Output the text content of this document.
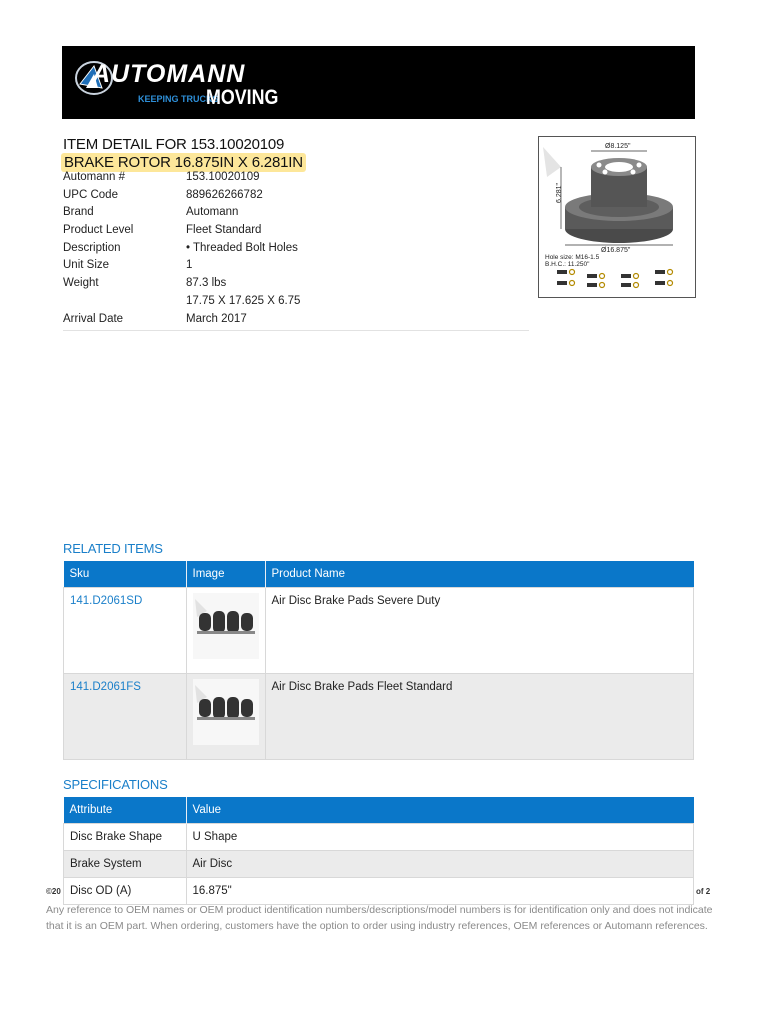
AUTOMANN
KEEPING TRUCKS
MOVING
ITEM DETAIL FOR 153.10020109
BRAKE ROTOR 16.875IN X 6.281IN
Automann #	153.10020109
UPC Code	889626266782
Brand	Automann
Product Level	Fleet Standard
Description	• Threaded Bolt Holes
Unit Size	1
Weight	87.3 lbs
17.75 X 17.625 X 6.75
Arrival Date	March 2017
Ø8.125"
6.281"
Ø16.875"
Hole size: M16-1.5
B.H.C.: 11.250"
RELATED ITEMS
Sku	Image	Product Name
141.D2061SD		Air Disc Brake Pads Severe Duty
141.D2061FS		Air Disc Brake Pads Fleet Standard
SPECIFICATIONS
Attribute	Value
Disc Brake Shape	U Shape
Brake System	Air Disc
Disc OD (A)	16.875"
©20	of 2
Any reference to OEM names or OEM product identification numbers/descriptions/model numbers is for identification only and does not indicate that it is an OEM part. When ordering, customers have the option to order using industry references, OEM references or Automann references.
